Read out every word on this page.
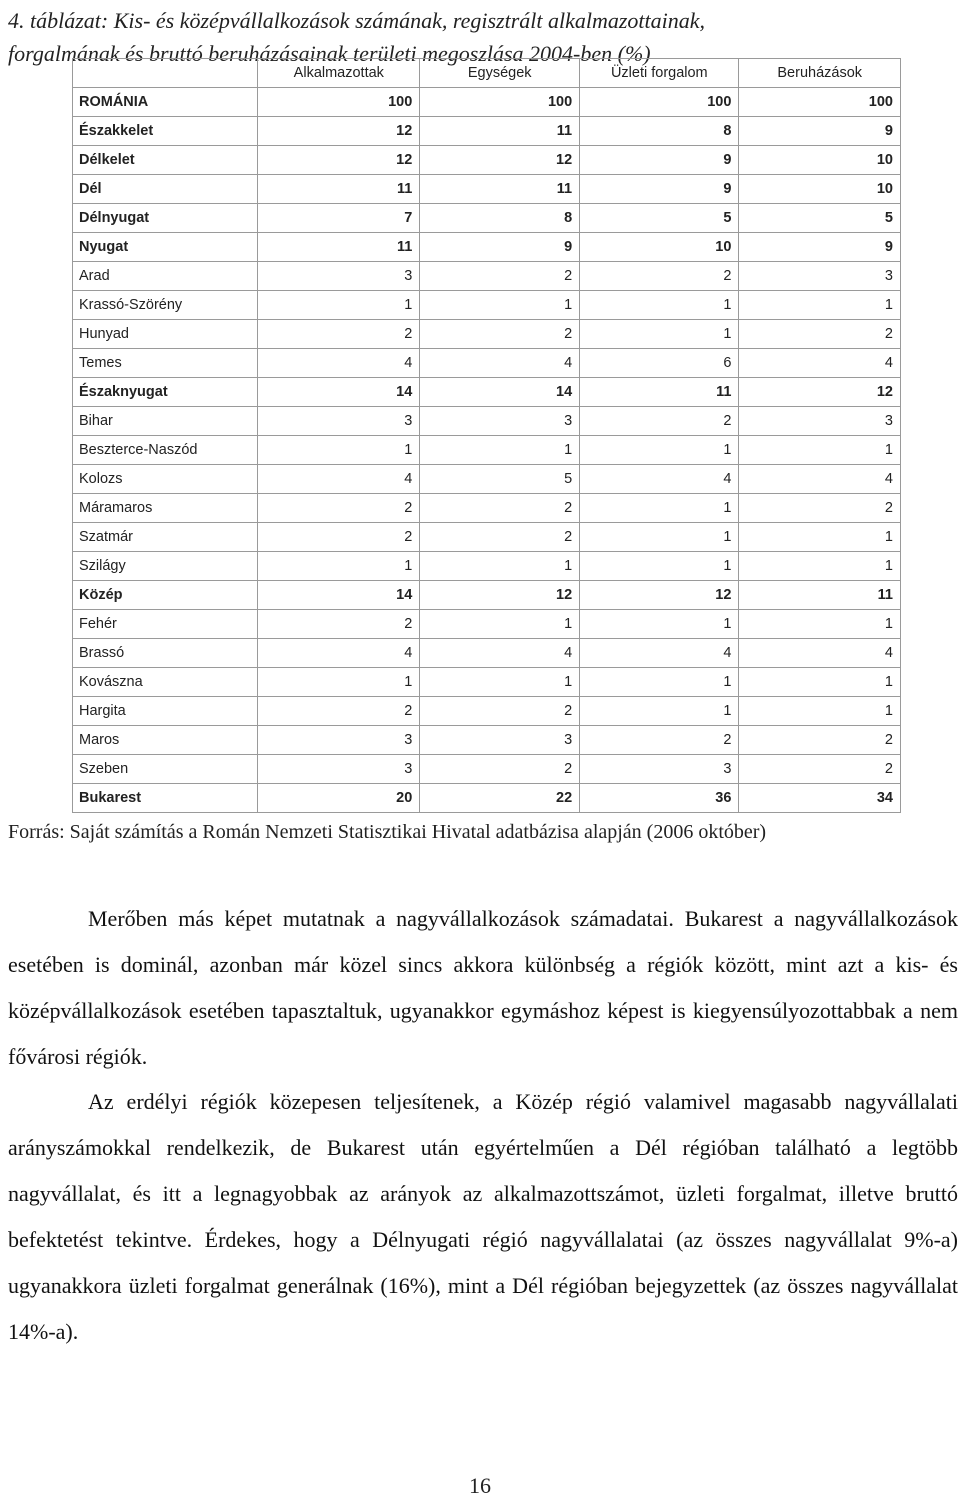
4. táblázat: Kis- és középvállalkozások számának, regisztrált alkalmazottainak,
forgalmának és bruttó beruházásainak területi megoszlása 2004-ben (%)
	Alkalmazottak	Egységek	Üzleti forgalom	Beruházások
ROMÁNIA	100	100	100	100
Északkelet	12	11	8	9
Délkelet	12	12	9	10
Dél	11	11	9	10
Délnyugat	7	8	5	5
Nyugat	11	9	10	9
Arad	3	2	2	3
Krassó-Szörény	1	1	1	1
Hunyad	2	2	1	2
Temes	4	4	6	4
Északnyugat	14	14	11	12
Bihar	3	3	2	3
Beszterce-Naszód	1	1	1	1
Kolozs	4	5	4	4
Máramaros	2	2	1	2
Szatmár	2	2	1	1
Szilágy	1	1	1	1
Közép	14	12	12	11
Fehér	2	1	1	1
Brassó	4	4	4	4
Kovászna	1	1	1	1
Hargita	2	2	1	1
Maros	3	3	2	2
Szeben	3	2	3	2
Bukarest	20	22	36	34
Forrás: Saját számítás a Román Nemzeti Statisztikai Hivatal adatbázisa alapján (2006 október)
Merőben más képet mutatnak a nagyvállalkozások számadatai. Bukarest a nagyvállalkozások esetében is dominál, azonban már közel sincs akkora különbség a régiók között, mint azt a kis- és középvállalkozások esetében tapasztaltuk, ugyanakkor egymáshoz képest is kiegyensúlyozottabbak a nem fővárosi régiók.
Az erdélyi régiók közepesen teljesítenek, a Közép régió valamivel magasabb nagyvállalati arányszámokkal rendelkezik, de Bukarest után egyértelműen a Dél régióban található a legtöbb nagyvállalat, és itt a legnagyobbak az arányok az alkalmazottszámot, üzleti forgalmat, illetve bruttó befektetést tekintve. Érdekes, hogy a Délnyugati régió nagyvállalatai (az összes nagyvállalat 9%-a) ugyanakkora üzleti forgalmat generálnak (16%), mint a Dél régióban bejegyzettek (az összes nagyvállalat 14%-a).
16
